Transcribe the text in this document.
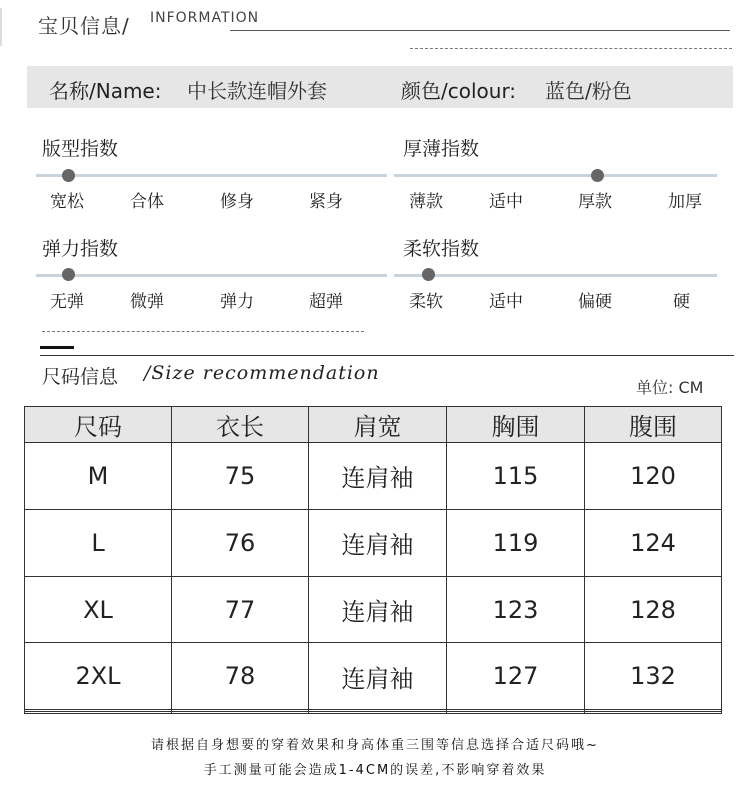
宝贝信息/ INFORMATION
名称/Name: 中长款连帽外套	颜色/colour: 蓝色/粉色
版型指数
宽松	合体	修身	紧身
厚薄指数
薄款	适中	厚款	加厚
弹力指数
无弹	微弹	弹力	超弹
柔软指数
柔软	适中	偏硬	硬
尺码信息 /Size recommendation
单位: CM
尺码	衣长	肩宽	胸围	腹围
M	75	连肩袖	115	120
L	76	连肩袖	119	124
XL	77	连肩袖	123	128
2XL	78	连肩袖	127	132

请根据自身想要的穿着效果和身高体重三围等信息选择合适尺码哦~
手工测量可能会造成1-4CM的误差,不影响穿着效果
